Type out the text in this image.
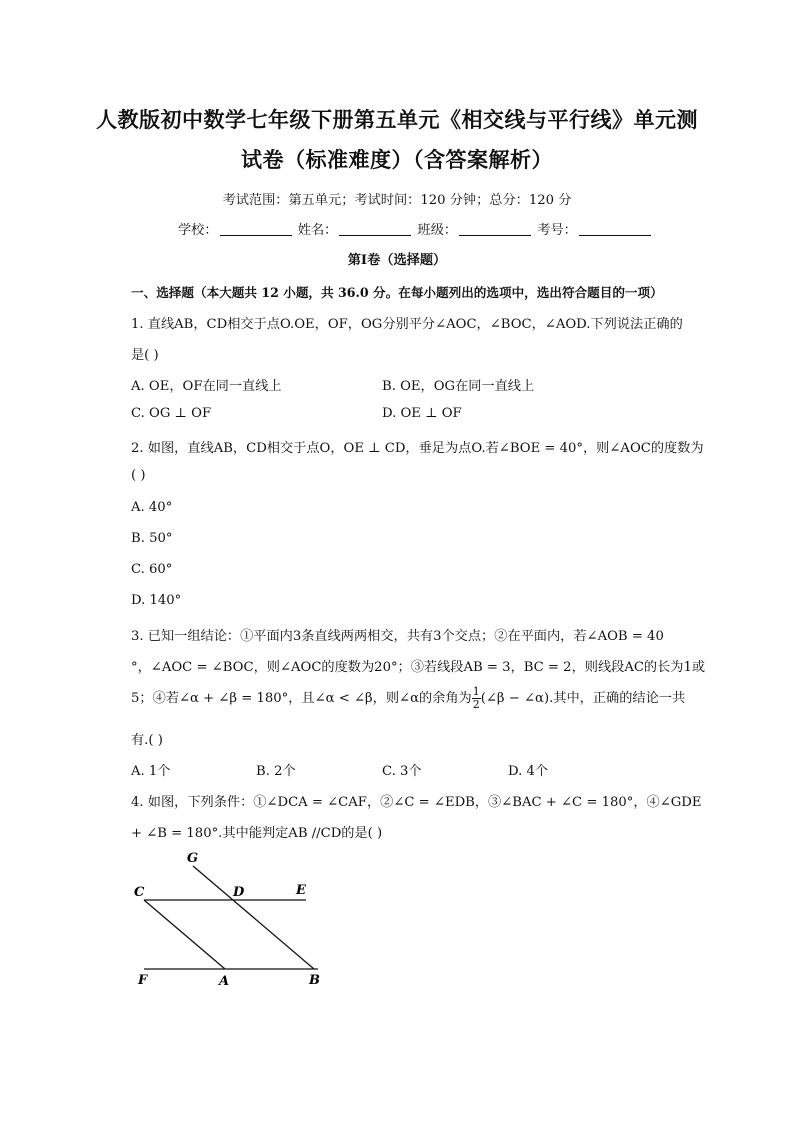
人教版初中数学七年级下册第五单元《相交线与平行线》单元测
试卷（标准难度）（含答案解析）
考试范围：第五单元；考试时间：120 分钟；总分：120 分
学校：	姓名：	班级：	考号：
第Ⅰ卷（选择题）
一、选择题（本大题共 12 小题，共 36.0 分。在每小题列出的选项中，选出符合题目的一项）
1. 直线AB，CD相交于点O.OE，OF，OG分别平分∠AOC，∠BOC，∠AOD.下列说法正确的
是( )
A. OE，OF在同一直线上	B. OE，OG在同一直线上
C. OG ⊥ OF	D. OE ⊥ OF
2. 如图，直线AB，CD相交于点O，OE ⊥ CD，垂足为点O.若∠BOE = 40°，则∠AOC的度数为
( )
A. 40°
B. 50°
C. 60°
D. 140°
3. 已知一组结论：①平面内3条直线两两相交，共有3个交点；②在平面内，若∠AOB = 40
°，∠AOC = ∠BOC，则∠AOC的度数为20°；③若线段AB = 3，BC = 2，则线段AC的长为1或
5；④若∠α + ∠β = 180°，且∠α < ∠β，则∠α的余角为 $\frac{1}{2}$ (∠β − ∠α).其中，正确的结论一共
有.( )
A. 1个	B. 2个	C. 3个	D. 4个
4. 如图，下列条件：①∠DCA = ∠CAF，②∠C = ∠EDB，③∠BAC + ∠C = 180°，④∠GDE
+ ∠B = 180°.其中能判定AB //CD的是( )
G
C	D	E
F	A	B
